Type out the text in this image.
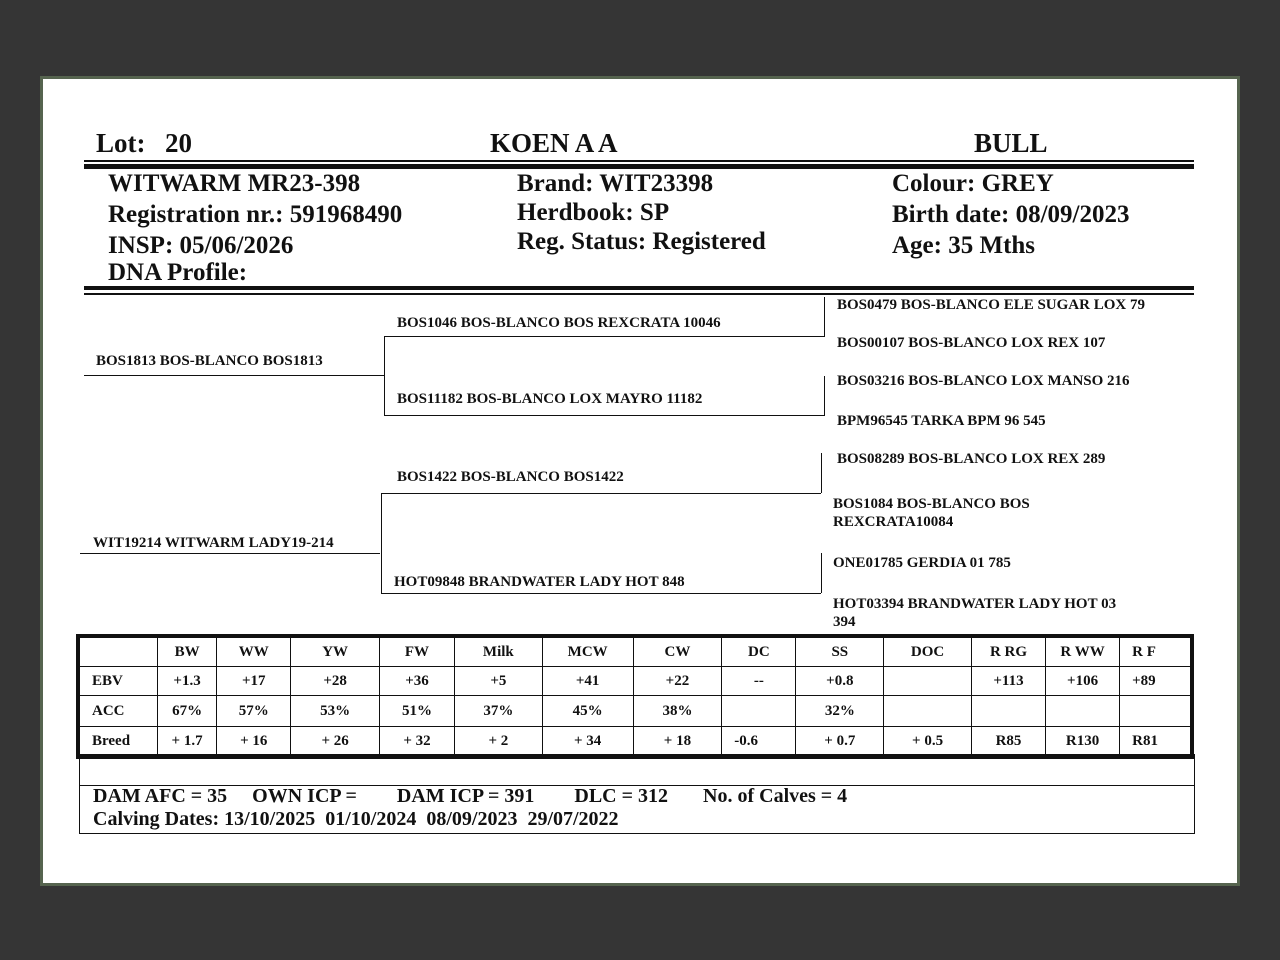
Lot: 20	KOEN A A	BULL
WITWARM MR23-398
Registration nr.: 591968490
INSP: 05/06/2026
DNA Profile:
Brand: WIT23398
Herdbook: SP
Reg. Status: Registered
Colour: GREY
Birth date: 08/09/2023
Age: 35 Mths
BOS1813 BOS-BLANCO BOS1813
BOS1046 BOS-BLANCO BOS REXCRATA 10046
BOS11182 BOS-BLANCO LOX MAYRO 11182
WIT19214 WITWARM LADY19-214
BOS1422 BOS-BLANCO BOS1422
HOT09848 BRANDWATER LADY HOT 848
BOS0479 BOS-BLANCO ELE SUGAR LOX 79
BOS00107 BOS-BLANCO LOX REX 107
BOS03216 BOS-BLANCO LOX MANSO 216
BPM96545 TARKA BPM 96 545
BOS08289 BOS-BLANCO LOX REX 289
BOS1084 BOS-BLANCO BOS
REXCRATA10084
ONE01785 GERDIA 01 785
HOT03394 BRANDWATER LADY HOT 03
394
	BW	WW	YW	FW	Milk	MCW	CW	DC	SS	DOC	R RG	R WW	R F
EBV	+1.3	+17	+28	+36	+5	+41	+22	--	+0.8		+113	+106	+89
ACC	67%	57%	53%	51%	37%	45%	38%		32%				
Breed	+ 1.7	+ 16	+ 26	+ 32	+ 2	+ 34	+ 18	-0.6	+ 0.7	+ 0.5	R85	R130	R81
DAM AFC = 35     OWN ICP =        DAM ICP = 391        DLC = 312       No. of Calves = 4
Calving Dates: 13/10/2025  01/10/2024  08/09/2023  29/07/2022
